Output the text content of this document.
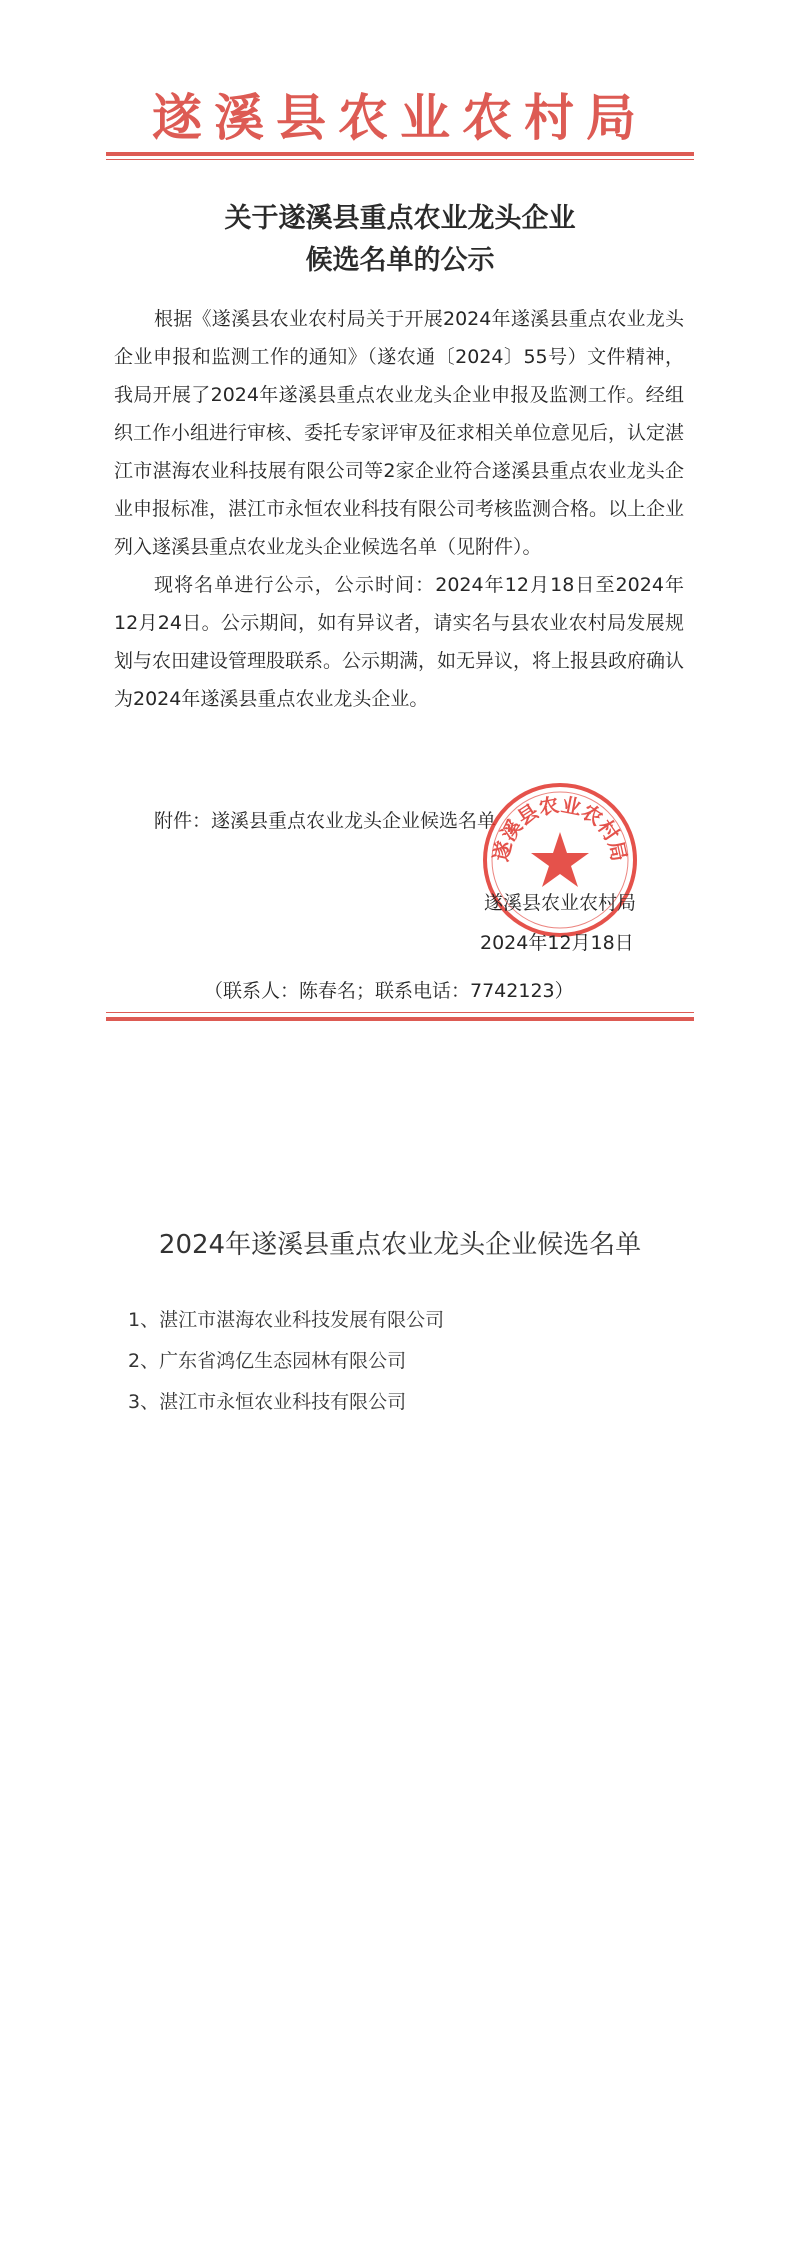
遂溪县农业农村局
关于遂溪县重点农业龙头企业
候选名单的公示

根据《遂溪县农业农村局关于开展2024年遂溪县重点农业龙头企业申报和监测工作的通知》（遂农通〔2024〕55号）文件精神，我局开展了2024年遂溪县重点农业龙头企业申报及监测工作。经组织工作小组进行审核、委托专家评审及征求相关单位意见后，认定湛江市湛海农业科技展有限公司等2家企业符合遂溪县重点农业龙头企业申报标准，湛江市永恒农业科技有限公司考核监测合格。以上企业列入遂溪县重点农业龙头企业候选名单（见附件）。

现将名单进行公示，公示时间：2024年12月18日至2024年12月24日。公示期间，如有异议者，请实名与县农业农村局发展规划与农田建设管理股联系。公示期满，如无异议，将上报县政府确认为2024年遂溪县重点农业龙头企业。

附件：遂溪县重点农业龙头企业候选名单
遂溪县农业农村局
遂溪县农业农村局
2024年12月18日
（联系人：陈春名；联系电话：7742123）
2024年遂溪县重点农业龙头企业候选名单
1、湛江市湛海农业科技发展有限公司
2、广东省鸿亿生态园林有限公司
3、湛江市永恒农业科技有限公司
